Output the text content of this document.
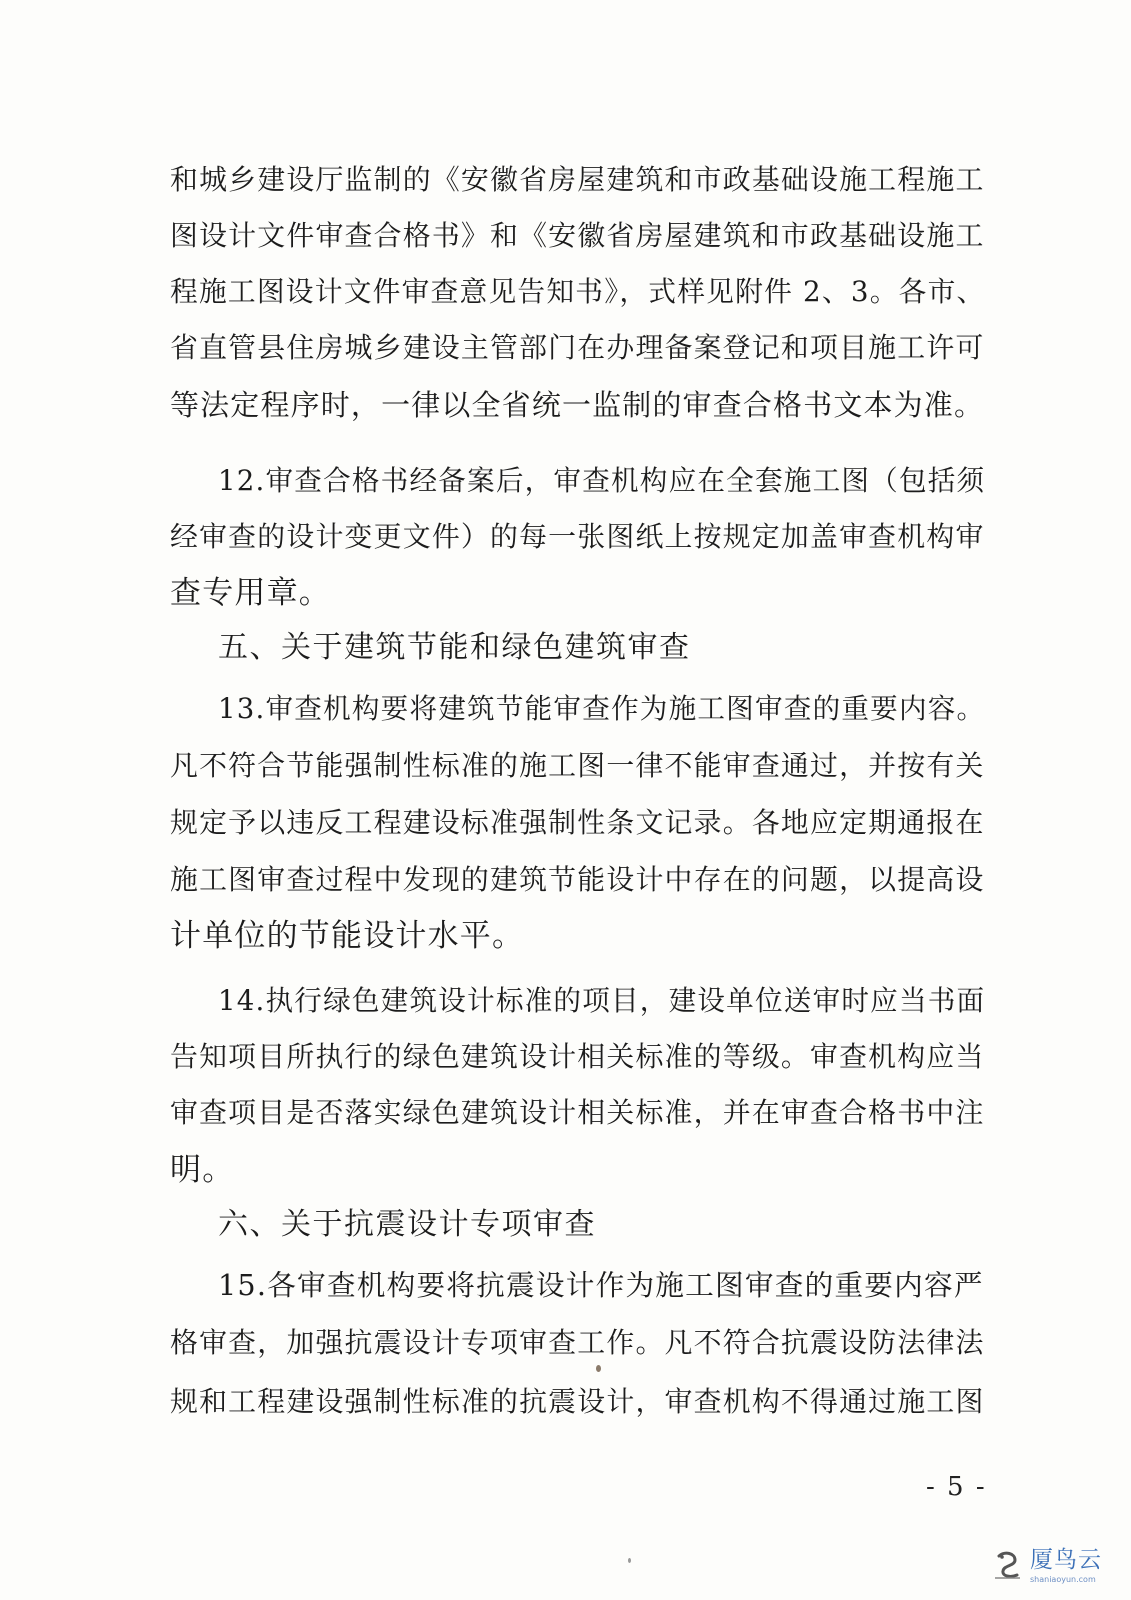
和城乡建设厅监制的《安徽省房屋建筑和市政基础设施工程施工
图设计文件审查合格书》和《安徽省房屋建筑和市政基础设施工
程施工图设计文件审查意见告知书》，式样见附件 2、3。各市、
省直管县住房城乡建设主管部门在办理备案登记和项目施工许可
等法定程序时，一律以全省统一监制的审查合格书文本为准。
12.审查合格书经备案后，审查机构应在全套施工图（包括须
经审查的设计变更文件）的每一张图纸上按规定加盖审查机构审
查专用章。
五、关于建筑节能和绿色建筑审查
13.审查机构要将建筑节能审查作为施工图审查的重要内容。
凡不符合节能强制性标准的施工图一律不能审查通过，并按有关
规定予以违反工程建设标准强制性条文记录。各地应定期通报在
施工图审查过程中发现的建筑节能设计中存在的问题，以提高设
计单位的节能设计水平。
14.执行绿色建筑设计标准的项目，建设单位送审时应当书面
告知项目所执行的绿色建筑设计相关标准的等级。审查机构应当
审查项目是否落实绿色建筑设计相关标准，并在审查合格书中注
明。
六、关于抗震设计专项审查
15.各审查机构要将抗震设计作为施工图审查的重要内容严
格审查，加强抗震设计专项审查工作。凡不符合抗震设防法律法
规和工程建设强制性标准的抗震设计，审查机构不得通过施工图
- 5 -
厦鸟云
shaniaoyun.com
